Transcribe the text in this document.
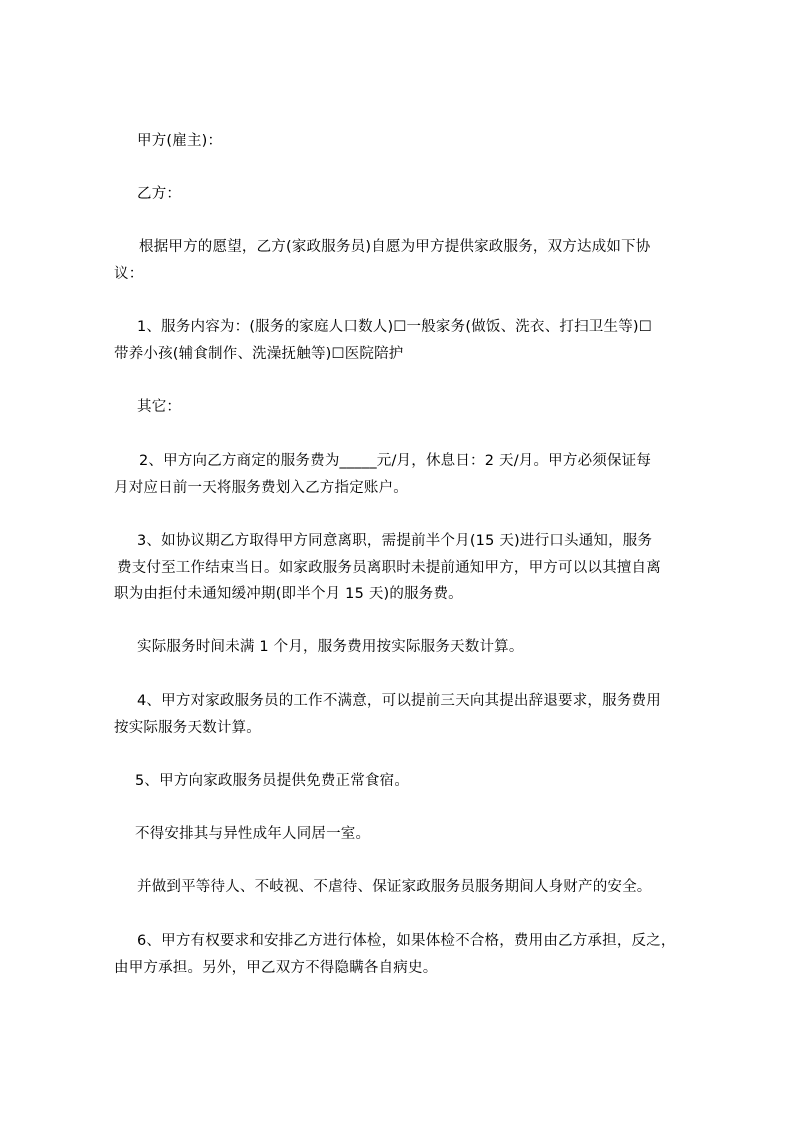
甲方(雇主)：
乙方：
根据甲方的愿望，乙方(家政服务员)自愿为甲方提供家政服务，双方达成如下协
议：
1、服务内容为：(服务的家庭人口数人)☐一般家务(做饭、洗衣、打扫卫生等)☐
带养小孩(辅食制作、洗澡抚触等)☐医院陪护
其它：
2、甲方向乙方商定的服务费为_____元/月，休息日：2 天/月。甲方必须保证每
月对应日前一天将服务费划入乙方指定账户。
3、如协议期乙方取得甲方同意离职，需提前半个月(15 天)进行口头通知，服务
费支付至工作结束当日。如家政服务员离职时未提前通知甲方，甲方可以以其擅自离
职为由拒付未通知缓冲期(即半个月 15 天)的服务费。
实际服务时间未满 1 个月，服务费用按实际服务天数计算。
4、甲方对家政服务员的工作不满意，可以提前三天向其提出辞退要求，服务费用
按实际服务天数计算。
5、甲方向家政服务员提供免费正常食宿。
不得安排其与异性成年人同居一室。
并做到平等待人、不岐视、不虐待、保证家政服务员服务期间人身财产的安全。
6、甲方有权要求和安排乙方进行体检，如果体检不合格，费用由乙方承担，反之，
由甲方承担。另外，甲乙双方不得隐瞒各自病史。
